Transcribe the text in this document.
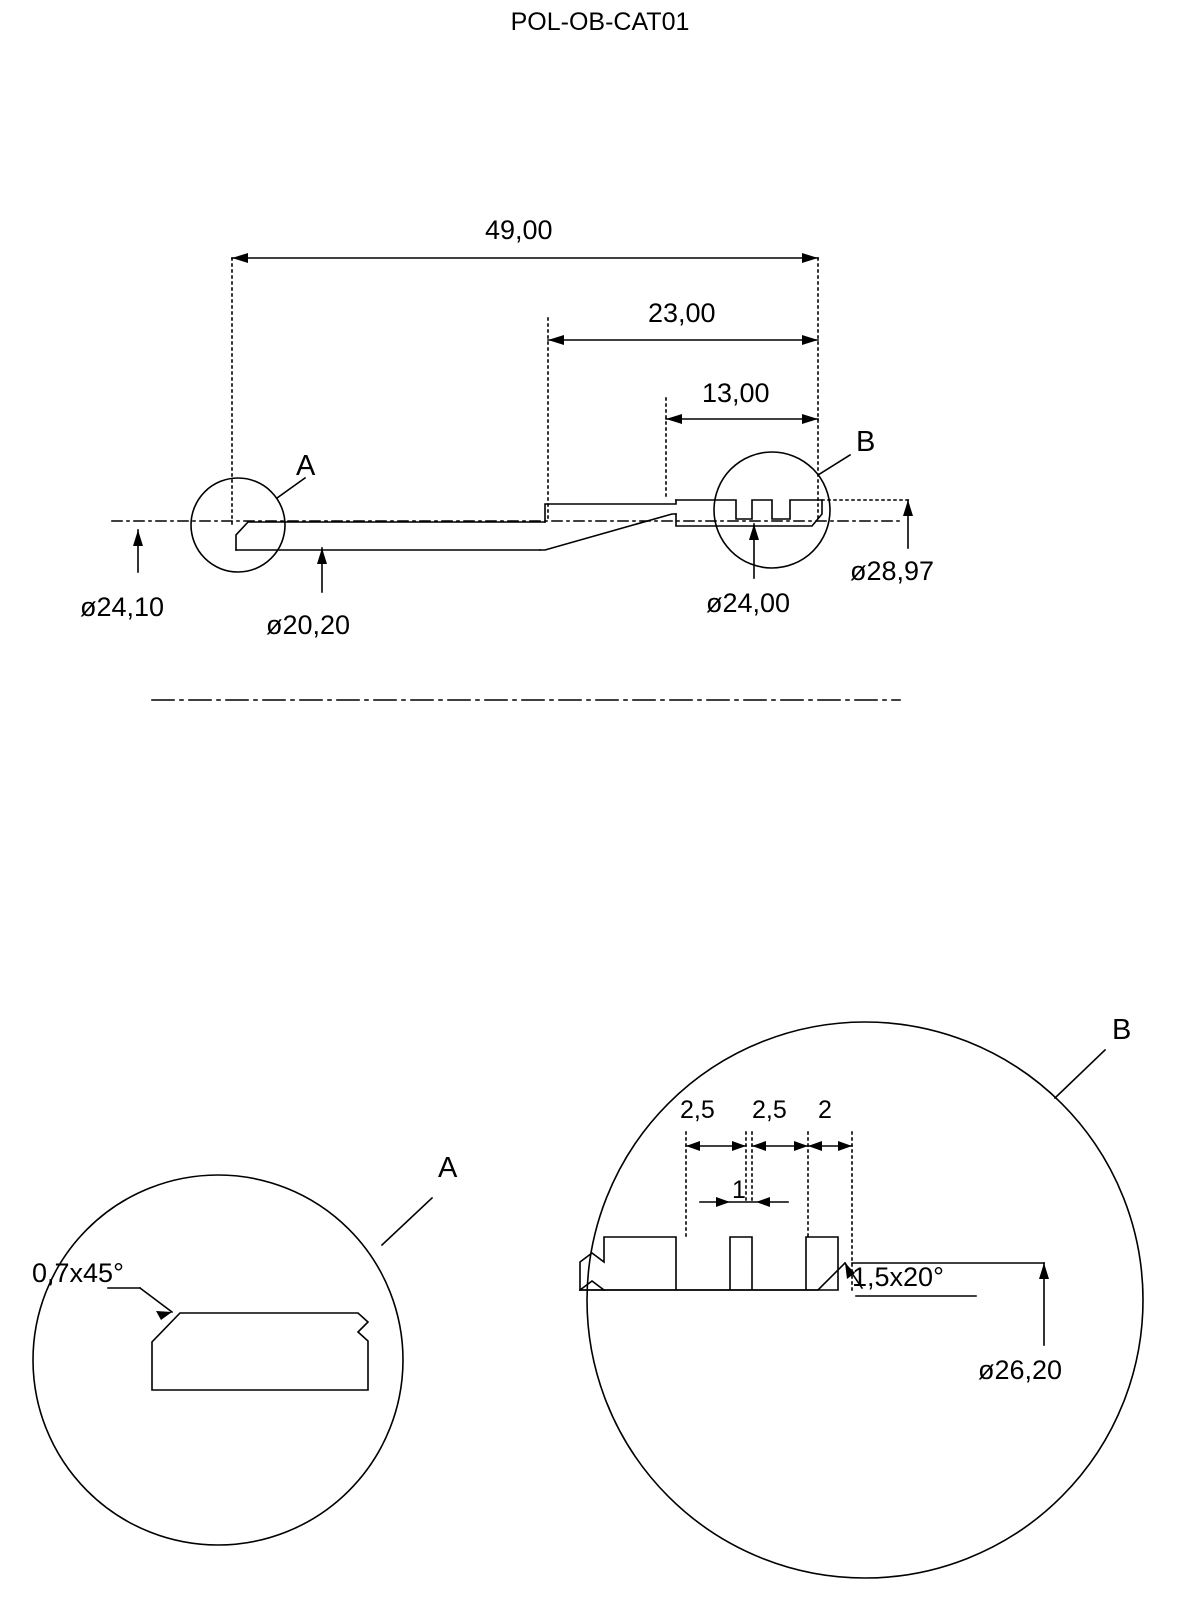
POL-OB-CAT01
49,00
23,00
13,00
ø24,10
ø20,20
ø24,00
ø28,97
A
B
A
0,7x45°
B
2,5 2,5 2
1
1,5x20°
ø26,20
